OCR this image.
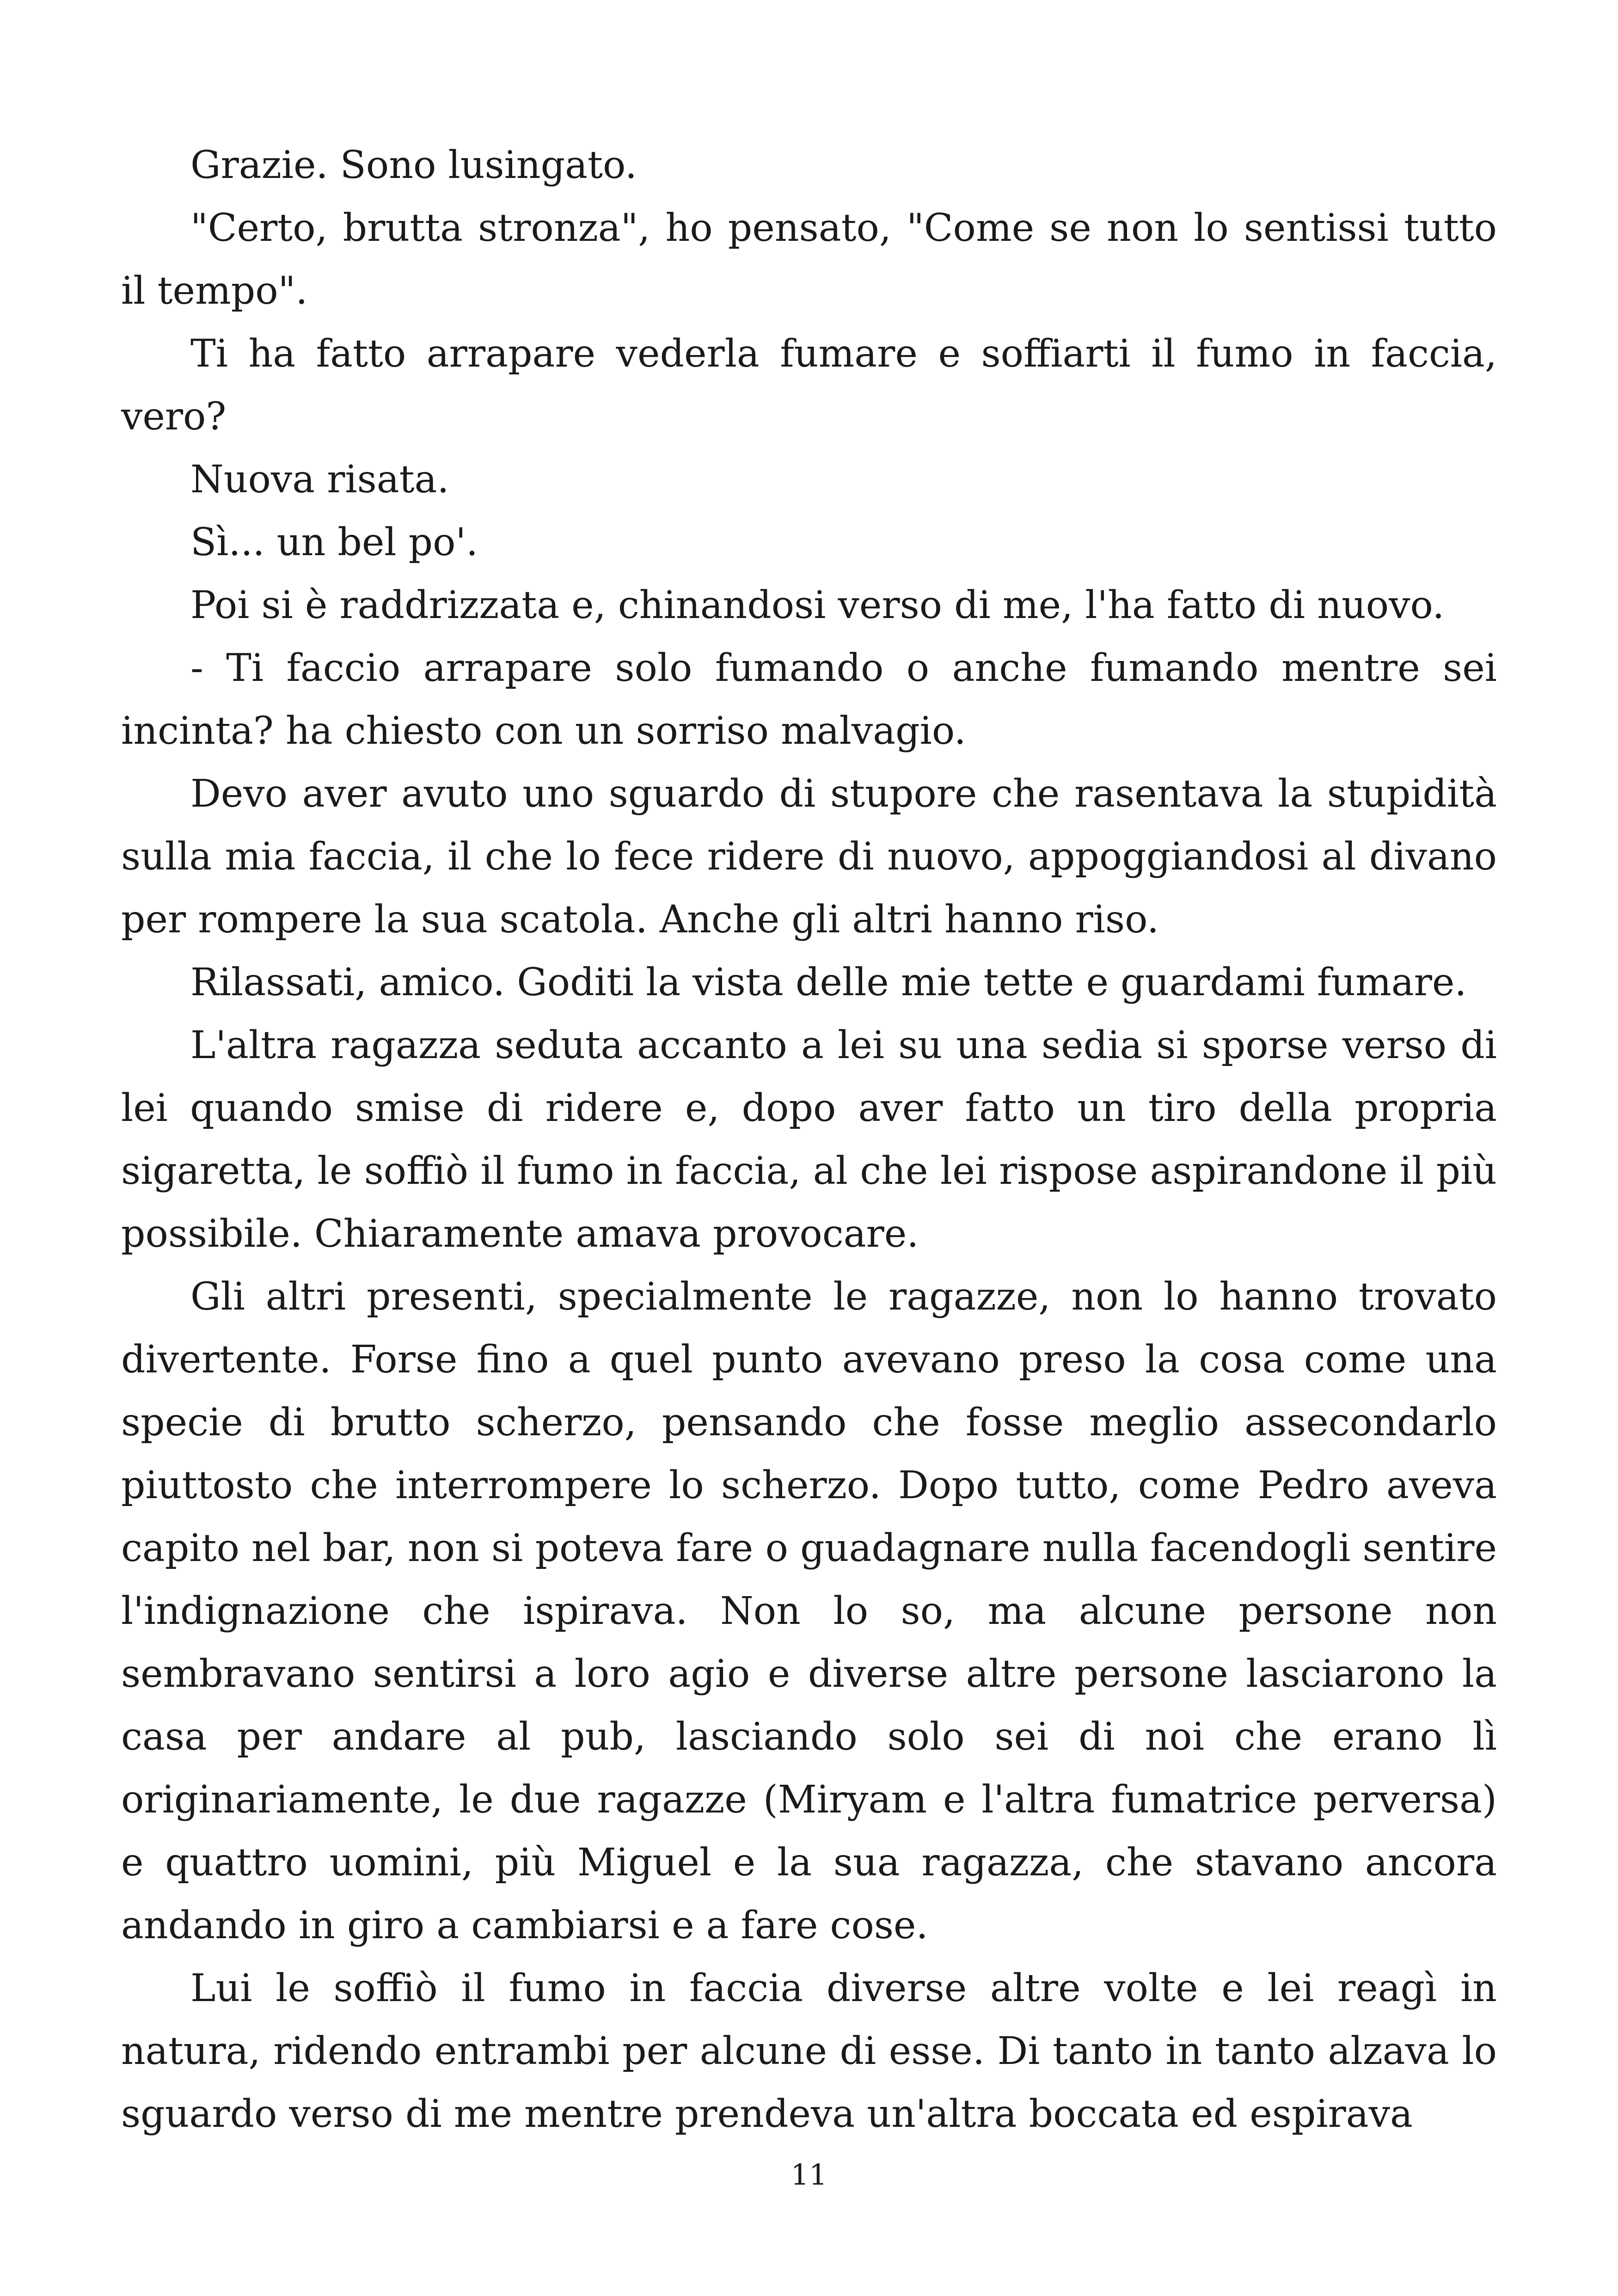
Grazie. Sono lusingato.

"Certo, brutta stronza", ho pensato, "Come se non lo sentissi tutto il tempo".

Ti ha fatto arrapare vederla fumare e soffiarti il fumo in faccia, vero?

Nuova risata.

Sì... un bel po'.

Poi si è raddrizzata e, chinandosi verso di me, l'ha fatto di nuovo.

- Ti faccio arrapare solo fumando o anche fumando mentre sei incinta? ha chiesto con un sorriso malvagio.

Devo aver avuto uno sguardo di stupore che rasentava la stupidità sulla mia faccia, il che lo fece ridere di nuovo, appoggiandosi al divano per rompere la sua scatola. Anche gli altri hanno riso.

Rilassati, amico. Goditi la vista delle mie tette e guardami fumare.

L'altra ragazza seduta accanto a lei su una sedia si sporse verso di lei quando smise di ridere e, dopo aver fatto un tiro della propria sigaretta, le soffiò il fumo in faccia, al che lei rispose aspirandone il più possibile. Chiaramente amava provocare.

Gli altri presenti, specialmente le ragazze, non lo hanno trovato divertente. Forse fino a quel punto avevano preso la cosa come una specie di brutto scherzo, pensando che fosse meglio assecondarlo piuttosto che interrompere lo scherzo. Dopo tutto, come Pedro aveva capito nel bar, non si poteva fare o guadagnare nulla facendogli sentire l'indignazione che ispirava. Non lo so, ma alcune persone non sembravano sentirsi a loro agio e diverse altre persone lasciarono la casa per andare al pub, lasciando solo sei di noi che erano lì originariamente, le due ragazze (Miryam e l'altra fumatrice perversa) e quattro uomini, più Miguel e la sua ragazza, che stavano ancora andando in giro a cambiarsi e a fare cose.

Lui le soffiò il fumo in faccia diverse altre volte e lei reagì in natura, ridendo entrambi per alcune di esse. Di tanto in tanto alzava lo sguardo verso di me mentre prendeva un'altra boccata ed espirava

11
